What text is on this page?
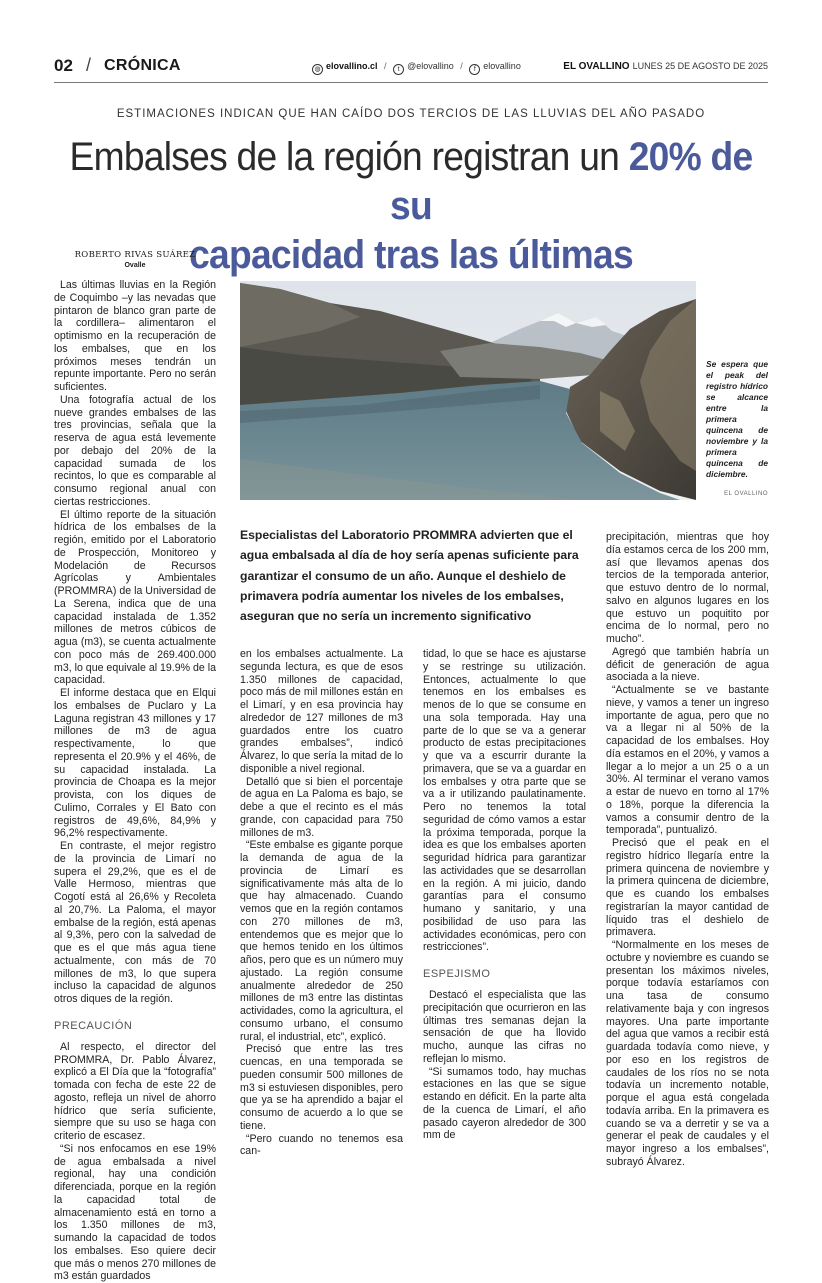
02 / CRÓNICA	◍ elovallino.cl / t @elovallino / f elovallino	EL OVALLINO LUNES 25 DE AGOSTO DE 2025
ESTIMACIONES INDICAN QUE HAN CAÍDO DOS TERCIOS DE LAS LLUVIAS DEL AÑO PASADO
Embalses de la región registran un 20% de su
capacidad tras las últimas
ROBERTO RIVAS SUÁREZ
Ovalle

Las últimas lluvias en la Región de Coquimbo –y las nevadas que pintaron de blanco gran parte de la cordillera– alimentaron el optimismo en la recuperación de los embalses, que en los próximos meses tendrán un repunte importante. Pero no serán suficientes.

Una fotografía actual de los nueve grandes embalses de las tres provincias, señala que la reserva de agua está levemente por debajo del 20% de la capacidad sumada de los recintos, lo que es comparable al consumo regional anual con ciertas restricciones.

El último reporte de la situación hídrica de los embalses de la región, emitido por el Laboratorio de Prospección, Monitoreo y Modelación de Recursos Agrícolas y Ambientales (PROMMRA) de la Universidad de La Serena, indica que de una capacidad instalada de 1.352 millones de metros cúbicos de agua (m3), se cuenta actualmente con poco más de 269.400.000 m3, lo que equivale al 19.9% de la capacidad.

El informe destaca que en Elqui los embalses de Puclaro y La Laguna registran 43 millones y 17 millones de m3 de agua respectivamente, lo que representa el 20.9% y el 46%, de su capacidad instalada. La provincia de Choapa es la mejor provista, con los diques de Culimo, Corrales y El Bato con registros de 49,6%, 84,9% y 96,2% respectivamente.

En contraste, el mejor registro de la provincia de Limarí no supera el 29,2%, que es el de Valle Hermoso, mientras que Cogotí está al 26,6% y Recoleta al 20,7%. La Paloma, el mayor embalse de la región, está apenas al 9,3%, pero con la salvedad de que es el que más agua tiene actualmente, con más de 70 millones de m3, lo que supera incluso la capacidad de algunos otros diques de la región.

PRECAUCIÓN

Al respecto, el director del PROMMRA, Dr. Pablo Álvarez, explicó a El Día que la “fotografía” tomada con fecha de este 22 de agosto, refleja un nivel de ahorro hídrico que sería suficiente, siempre que su uso se haga con criterio de escasez.

“Si nos enfocamos en ese 19% de agua embalsada a nivel regional, hay una condición diferenciada, porque en la región la capacidad total de almacenamiento está en torno a los 1.350 millones de m3, sumando la capacidad de todos los embalses. Eso quiere decir que más o menos 270 millones de m3 están guardados

Se espera que el peak del registro hídrico se alcance entre la primera quincena de noviembre y la primera quincena de diciembre.
EL OVALLINO
Especialistas del Laboratorio PROMMRA advierten que el agua embalsada al día de hoy sería apenas suficiente para garantizar el consumo de un año. Aunque el deshielo de primavera podría aumentar los niveles de los embalses, aseguran que no sería un incremento significativo

en los embalses actualmente. La segunda lectura, es que de esos 1.350 millones de capacidad, poco más de mil millones están en el Limarí, y en esa provincia hay alrededor de 127 millones de m3 guardados entre los cuatro grandes embalses”, indicó Álvarez, lo que sería la mitad de lo disponible a nivel regional.

Detalló que si bien el porcentaje de agua en La Paloma es bajo, se debe a que el recinto es el más grande, con capacidad para 750 millones de m3.

“Este embalse es gigante porque la demanda de agua de la provincia de Limarí es significativamente más alta de lo que hay almacenado. Cuando vemos que en la región contamos con 270 millones de m3, entendemos que es mejor que lo que hemos tenido en los últimos años, pero que es un número muy ajustado. La región consume anualmente alrededor de 250 millones de m3 entre las distintas actividades, como la agricultura, el consumo urbano, el consumo rural, el industrial, etc”, explicó.

Precisó que entre las tres cuencas, en una temporada se pueden consumir 500 millones de m3 si estuviesen disponibles, pero que ya se ha aprendido a bajar el consumo de acuerdo a lo que se tiene.

“Pero cuando no tenemos esa can-

tidad, lo que se hace es ajustarse y se restringe su utilización. Entonces, actualmente lo que tenemos en los embalses es menos de lo que se consume en una sola temporada. Hay una parte de lo que se va a generar producto de estas precipitaciones y que va a escurrir durante la primavera, que se va a guardar en los embalses y otra parte que se va a ir utilizando paulatinamente. Pero no tenemos la total seguridad de cómo vamos a estar la próxima temporada, porque la idea es que los embalses aporten seguridad hídrica para garantizar las actividades que se desarrollan en la región. A mi juicio, dando garantías para el consumo humano y sanitario, y una posibilidad de uso para las actividades económicas, pero con restricciones”.

ESPEJISMO

Destacó el especialista que las precipitación que ocurrieron en las últimas tres semanas dejan la sensación de que ha llovido mucho, aunque las cifras no reflejan lo mismo.

“Si sumamos todo, hay muchas estaciones en las que se sigue estando en déficit. En la parte alta de la cuenca de Limarí, el año pasado cayeron alrededor de 300 mm de

precipitación, mientras que hoy día estamos cerca de los 200 mm, así que llevamos apenas dos tercios de la temporada anterior, que estuvo dentro de lo normal, salvo en algunos lugares en los que estuvo un poquitito por encima de lo normal, pero no mucho”.

Agregó que también habría un déficit de generación de agua asociada a la nieve.

“Actualmente se ve bastante nieve, y vamos a tener un ingreso importante de agua, pero que no va a llegar ni al 50% de la capacidad de los embalses. Hoy día estamos en el 20%, y vamos a llegar a lo mejor a un 25 o a un 30%. Al terminar el verano vamos a estar de nuevo en torno al 17% o 18%, porque la diferencia la vamos a consumir dentro de la temporada”, puntualizó.

Precisó que el peak en el registro hídrico llegaría entre la primera quincena de noviembre y la primera quincena de diciembre, que es cuando los embalses registrarían la mayor cantidad de líquido tras el deshielo de primavera.

“Normalmente en los meses de octubre y noviembre es cuando se presentan los máximos niveles, porque todavía estaríamos con una tasa de consumo relativamente baja y con ingresos mayores. Una parte importante del agua que vamos a recibir está guardada todavía como nieve, y por eso en los registros de caudales de los ríos no se nota todavía un incremento notable, porque el agua está congelada todavía arriba. En la primavera es cuando se va a derretir y se va a generar el peak de caudales y el mayor ingreso a los embalses”, subrayó Álvarez.
